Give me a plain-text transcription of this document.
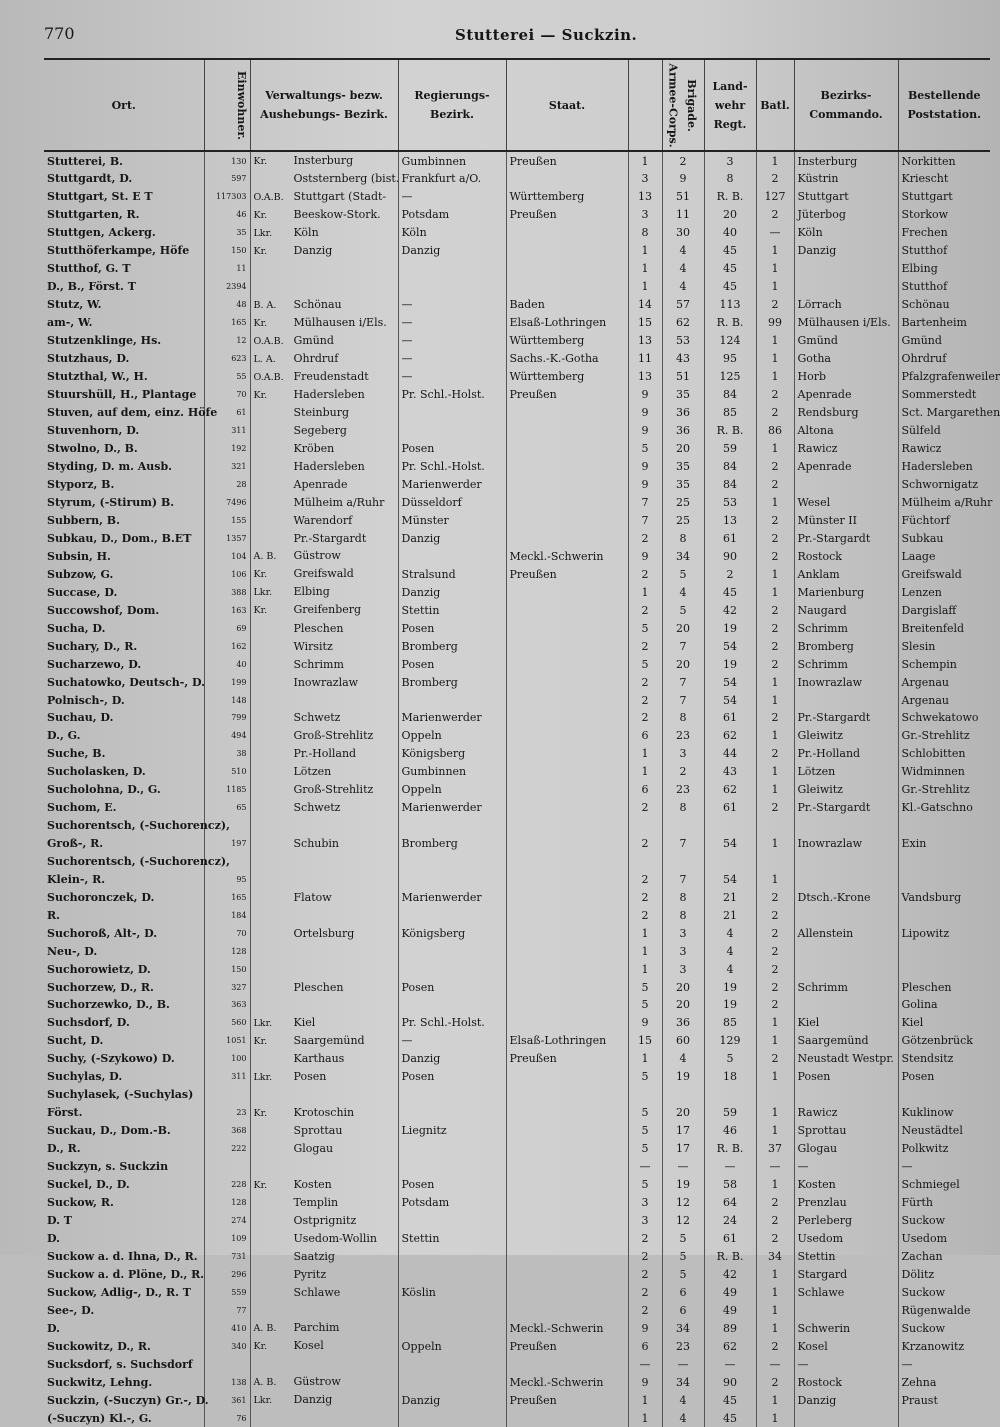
770	Stutterei — Suckzin.
Ort.	Einwohner.	Verwaltungs- bezw. Aushebungs- Bezirk.	Regierungs- Bezirk.	Staat.	Armee-Corps.	Brigade.	Land- wehr
Regt.	Batl.	Bezirks- Commando.	Bestellende Poststation.
Stutterei, B.	130	Kr. Insterburg	Gumbinnen	Preußen	1	2	3	1	Insterburg	Norkitten
Stuttgardt, D.	597	Oststernberg (bist.	Frankfurt a/O.		3	9	8	2	Küstrin	Kriescht
Stuttgart, St. E T	117303	O.A.B. Stuttgart (Stadt-	—	Württemberg	13	51	R. B.	127	Stuttgart	Stuttgart
Stuttgarten, R.	46	Kr. Beeskow-Stork.	Potsdam	Preußen	3	11	20	2	Jüterbog	Storkow
Stuttgen, Ackerg.	35	Lkr. Köln	Köln		8	30	40	—	Köln	Frechen
Stutthöferkampe, Höfe	150	Kr. Danzig	Danzig		1	4	45	1	Danzig	Stutthof
Stutthof, G. T	11				1	4	45	1		Elbing
D., B., Först. T	2394				1	4	45	1		Stutthof
Stutz, W.	48	B. A. Schönau	—	Baden	14	57	113	2	Lörrach	Schönau
am-, W.	165	Kr. Mülhausen i/Els.	—	Elsaß-Lothringen	15	62	R. B.	99	Mülhausen i/Els.	Bartenheim
Stutzenklinge, Hs.	12	O.A.B. Gmünd	—	Württemberg	13	53	124	1	Gmünd	Gmünd
Stutzhaus, D.	623	L. A. Ohrdruf	—	Sachs.-K.-Gotha	11	43	95	1	Gotha	Ohrdruf
Stutzthal, W., H.	55	O.A.B. Freudenstadt	—	Württemberg	13	51	125	1	Horb	Pfalzgrafenweiler
Stuurshüll, H., Plantage	70	Kr. Hadersleben	Pr. Schl.-Holst.	Preußen	9	35	84	2	Apenrade	Sommerstedt
Stuven, auf dem, einz. Höfe	61	Steinburg			9	36	85	2	Rendsburg	Sct. Margarethen
Stuvenhorn, D.	311	Segeberg			9	36	R. B.	86	Altona	Sülfeld
Stwolno, D., B.	192	Kröben	Posen		5	20	59	1	Rawicz	Rawicz
Styding, D. m. Ausb.	321	Hadersleben	Pr. Schl.-Holst.		9	35	84	2	Apenrade	Hadersleben
Styporz, B.	28	Apenrade	Marienwerder		9	35	84	2		Schwornigatz
Styrum, (-Stirum) B.	7496	Mülheim a/Ruhr	Düsseldorf		7	25	53	1	Wesel	Mülheim a/Ruhr
Subbern, B.	155	Warendorf	Münster		7	25	13	2	Münster II	Füchtorf
Subkau, D., Dom., B.ET	1357	Pr.-Stargardt	Danzig		2	8	61	2	Pr.-Stargardt	Subkau
Subsin, H.	104	A. B. Güstrow		Meckl.-Schwerin	9	34	90	2	Rostock	Laage
Subzow, G.	106	Kr. Greifswald	Stralsund	Preußen	2	5	2	1	Anklam	Greifswald
Succase, D.	388	Lkr. Elbing	Danzig		1	4	45	1	Marienburg	Lenzen
Succowshof, Dom.	163	Kr. Greifenberg	Stettin		2	5	42	2	Naugard	Dargislaff
Sucha, D.	69	Pleschen	Posen		5	20	19	2	Schrimm	Breitenfeld
Suchary, D., R.	162	Wirsitz	Bromberg		2	7	54	2	Bromberg	Slesin
Sucharzewo, D.	40	Schrimm	Posen		5	20	19	2	Schrimm	Schempin
Suchatowko, Deutsch-, D.	199	Inowrazlaw	Bromberg		2	7	54	1	Inowrazlaw	Argenau
Polnisch-, D.	148				2	7	54	1		Argenau
Suchau, D.	799	Schwetz	Marienwerder		2	8	61	2	Pr.-Stargardt	Schwekatowo
D., G.	494	Groß-Strehlitz	Oppeln		6	23	62	1	Gleiwitz	Gr.-Strehlitz
Suche, B.	38	Pr.-Holland	Königsberg		1	3	44	2	Pr.-Holland	Schlobitten
Sucholasken, D.	510	Lötzen	Gumbinnen		1	2	43	1	Lötzen	Widminnen
Sucholohna, D., G.	1185	Groß-Strehlitz	Oppeln		6	23	62	1	Gleiwitz	Gr.-Strehlitz
Suchom, E.	65	Schwetz	Marienwerder		2	8	61	2	Pr.-Stargardt	Kl.-Gatschno
Suchorentsch, (-Suchorencz),										
Groß-, R.	197	Schubin	Bromberg		2	7	54	1	Inowrazlaw	Exin
Suchorentsch, (-Suchorencz),										
Klein-, R.	95				2	7	54	1		
Suchoronczek, D.	165	Flatow	Marienwerder		2	8	21	2	Dtsch.-Krone	Vandsburg
R.	184				2	8	21	2		
Suchoroß, Alt-, D.	70	Ortelsburg	Königsberg		1	3	4	2	Allenstein	Lipowitz
Neu-, D.	128				1	3	4	2		
Suchorowietz, D.	150				1	3	4	2		
Suchorzew, D., R.	327	Pleschen	Posen		5	20	19	2	Schrimm	Pleschen
Suchorzewko, D., B.	363				5	20	19	2		Golina
Suchsdorf, D.	560	Lkr. Kiel	Pr. Schl.-Holst.		9	36	85	1	Kiel	Kiel
Sucht, D.	1051	Kr. Saargemünd	—	Elsaß-Lothringen	15	60	129	1	Saargemünd	Götzenbrück
Suchy, (-Szykowo) D.	100	Karthaus	Danzig	Preußen	1	4	5	2	Neustadt Westpr.	Stendsitz
Suchylas, D.	311	Lkr. Posen	Posen		5	19	18	1	Posen	Posen
Suchylasek, (-Suchylas)										
Först.	23	Kr. Krotoschin			5	20	59	1	Rawicz	Kuklinow
Suckau, D., Dom.-B.	368	Sprottau	Liegnitz		5	17	46	1	Sprottau	Neustädtel
D., R.	222	Glogau			5	17	R. B.	37	Glogau	Polkwitz
Suckzyn, s. Suckzin					—	—	—	—	—	—
Suckel, D., D.	228	Kr. Kosten	Posen		5	19	58	1	Kosten	Schmiegel
Suckow, R.	128	Templin	Potsdam		3	12	64	2	Prenzlau	Fürth
D. T	274	Ostprignitz			3	12	24	2	Perleberg	Suckow
D.	109	Usedom-Wollin	Stettin		2	5	61	2	Usedom	Usedom
Suckow a. d. Ihna, D., R.	731	Saatzig			2	5	R. B.	34	Stettin	Zachan
Suckow a. d. Plöne, D., R.	296	Pyritz			2	5	42	1	Stargard	Dölitz
Suckow, Adlig-, D., R. T	559	Schlawe	Köslin		2	6	49	1	Schlawe	Suckow
See-, D.	77				2	6	49	1		Rügenwalde
D.	410	A. B. Parchim		Meckl.-Schwerin	9	34	89	1	Schwerin	Suckow
Suckowitz, D., R.	340	Kr. Kosel	Oppeln	Preußen	6	23	62	2	Kosel	Krzanowitz
Sucksdorf, s. Suchsdorf					—	—	—	—	—	—
Suckwitz, Lehng.	138	A. B. Güstrow		Meckl.-Schwerin	9	34	90	2	Rostock	Zehna
Suckzin, (-Suczyn) Gr.-, D.	361	Lkr. Danzig	Danzig	Preußen	1	4	45	1	Danzig	Praust
(-Suczyn) Kl.-, G.	76				1	4	45	1		
